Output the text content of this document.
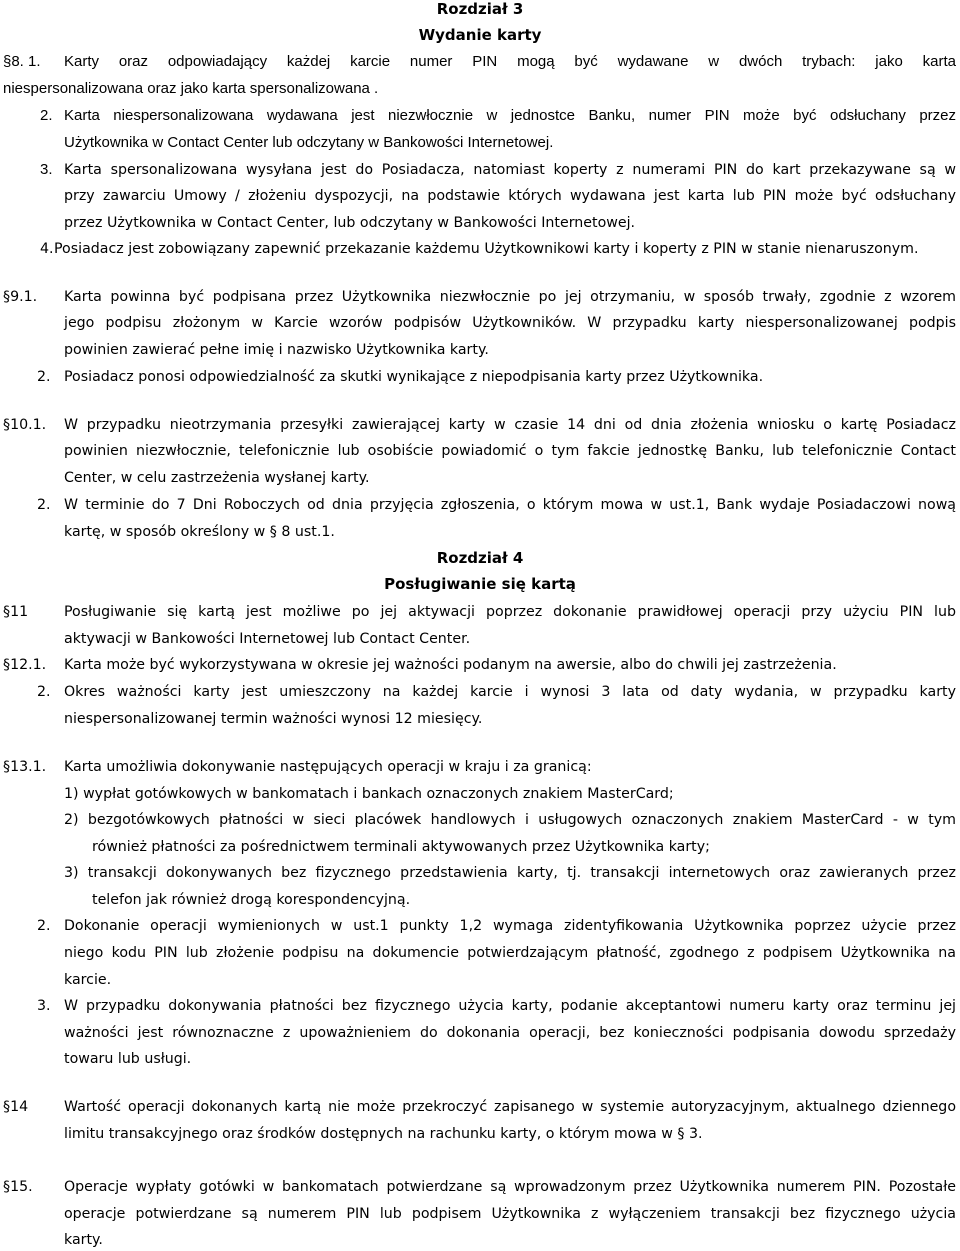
Rozdział 3
Wydanie karty
§8. 1. Karty oraz odpowiadający każdej karcie numer PIN mogą być wydawane w dwóch trybach: jako karta
niespersonalizowana oraz jako karta spersonalizowana .
2. Karta niespersonalizowana wydawana jest niezwłocznie w jednostce Banku, numer PIN może być odsłuchany przez
Użytkownika w Contact Center lub odczytany w Bankowości Internetowej.
3. Karta spersonalizowana wysyłana jest do Posiadacza, natomiast koperty z numerami PIN do kart przekazywane są w
przy zawarciu Umowy / złożeniu dyspozycji, na podstawie których wydawana jest karta lub PIN może być odsłuchany
przez Użytkownika w Contact Center, lub odczytany w Bankowości Internetowej.
4. Posiadacz jest zobowiązany zapewnić przekazanie każdemu Użytkownikowi karty i koperty z PIN w stanie nienaruszonym.
§9.1. Karta powinna być podpisana przez Użytkownika niezwłocznie po jej otrzymaniu, w sposób trwały, zgodnie z wzorem
jego podpisu złożonym w Karcie wzorów podpisów Użytkowników. W przypadku karty niespersonalizowanej podpis
powinien zawierać pełne imię i nazwisko Użytkownika karty.
2. Posiadacz ponosi odpowiedzialność za skutki wynikające z niepodpisania karty przez Użytkownika.
§10.1. W przypadku nieotrzymania przesyłki zawierającej karty w czasie 14 dni od dnia złożenia wniosku o kartę Posiadacz
powinien niezwłocznie, telefonicznie lub osobiście powiadomić o tym fakcie jednostkę Banku, lub telefonicznie Contact
Center, w celu zastrzeżenia wysłanej karty.
2. W terminie do 7 Dni Roboczych od dnia przyjęcia zgłoszenia, o którym mowa w ust.1, Bank wydaje Posiadaczowi nową
kartę, w sposób określony w § 8 ust.1.
Rozdział 4
Posługiwanie się kartą
§11	Posługiwanie się kartą jest możliwe po jej aktywacji poprzez dokonanie prawidłowej operacji przy użyciu PIN lub
aktywacji w Bankowości Internetowej lub Contact Center.
§12.1. Karta może być wykorzystywana w okresie jej ważności podanym na awersie, albo do chwili jej zastrzeżenia.
2. Okres ważności karty jest umieszczony na każdej karcie i wynosi 3 lata od daty wydania, w przypadku karty
niespersonalizowanej termin ważności wynosi 12 miesięcy.
§13.1. Karta umożliwia dokonywanie następujących operacji w kraju i za granicą:
1) wypłat gotówkowych w bankomatach i bankach oznaczonych znakiem MasterCard;
2) bezgotówkowych płatności w sieci placówek handlowych i usługowych oznaczonych znakiem MasterCard - w tym
również płatności za pośrednictwem terminali aktywowanych przez Użytkownika karty;
3) transakcji dokonywanych bez fizycznego przedstawienia karty, tj. transakcji internetowych oraz zawieranych przez
telefon jak również drogą korespondencyjną.
2. Dokonanie operacji wymienionych w ust.1 punkty 1,2 wymaga zidentyfikowania Użytkownika poprzez użycie przez
niego kodu PIN lub złożenie podpisu na dokumencie potwierdzającym płatność, zgodnego z podpisem Użytkownika na
karcie.
3. W przypadku dokonywania płatności bez fizycznego użycia karty, podanie akceptantowi numeru karty oraz terminu jej
ważności jest równoznaczne z upoważnieniem do dokonania operacji, bez konieczności podpisania dowodu sprzedaży
towaru lub usługi.
§14	Wartość operacji dokonanych kartą nie może przekroczyć zapisanego w systemie autoryzacyjnym, aktualnego dziennego
limitu transakcyjnego oraz środków dostępnych na rachunku karty, o którym mowa w § 3.
§15. Operacje wypłaty gotówki w bankomatach potwierdzane są wprowadzonym przez Użytkownika numerem PIN. Pozostałe
operacje potwierdzane są numerem PIN lub podpisem Użytkownika z wyłączeniem transakcji bez fizycznego użycia
karty.
